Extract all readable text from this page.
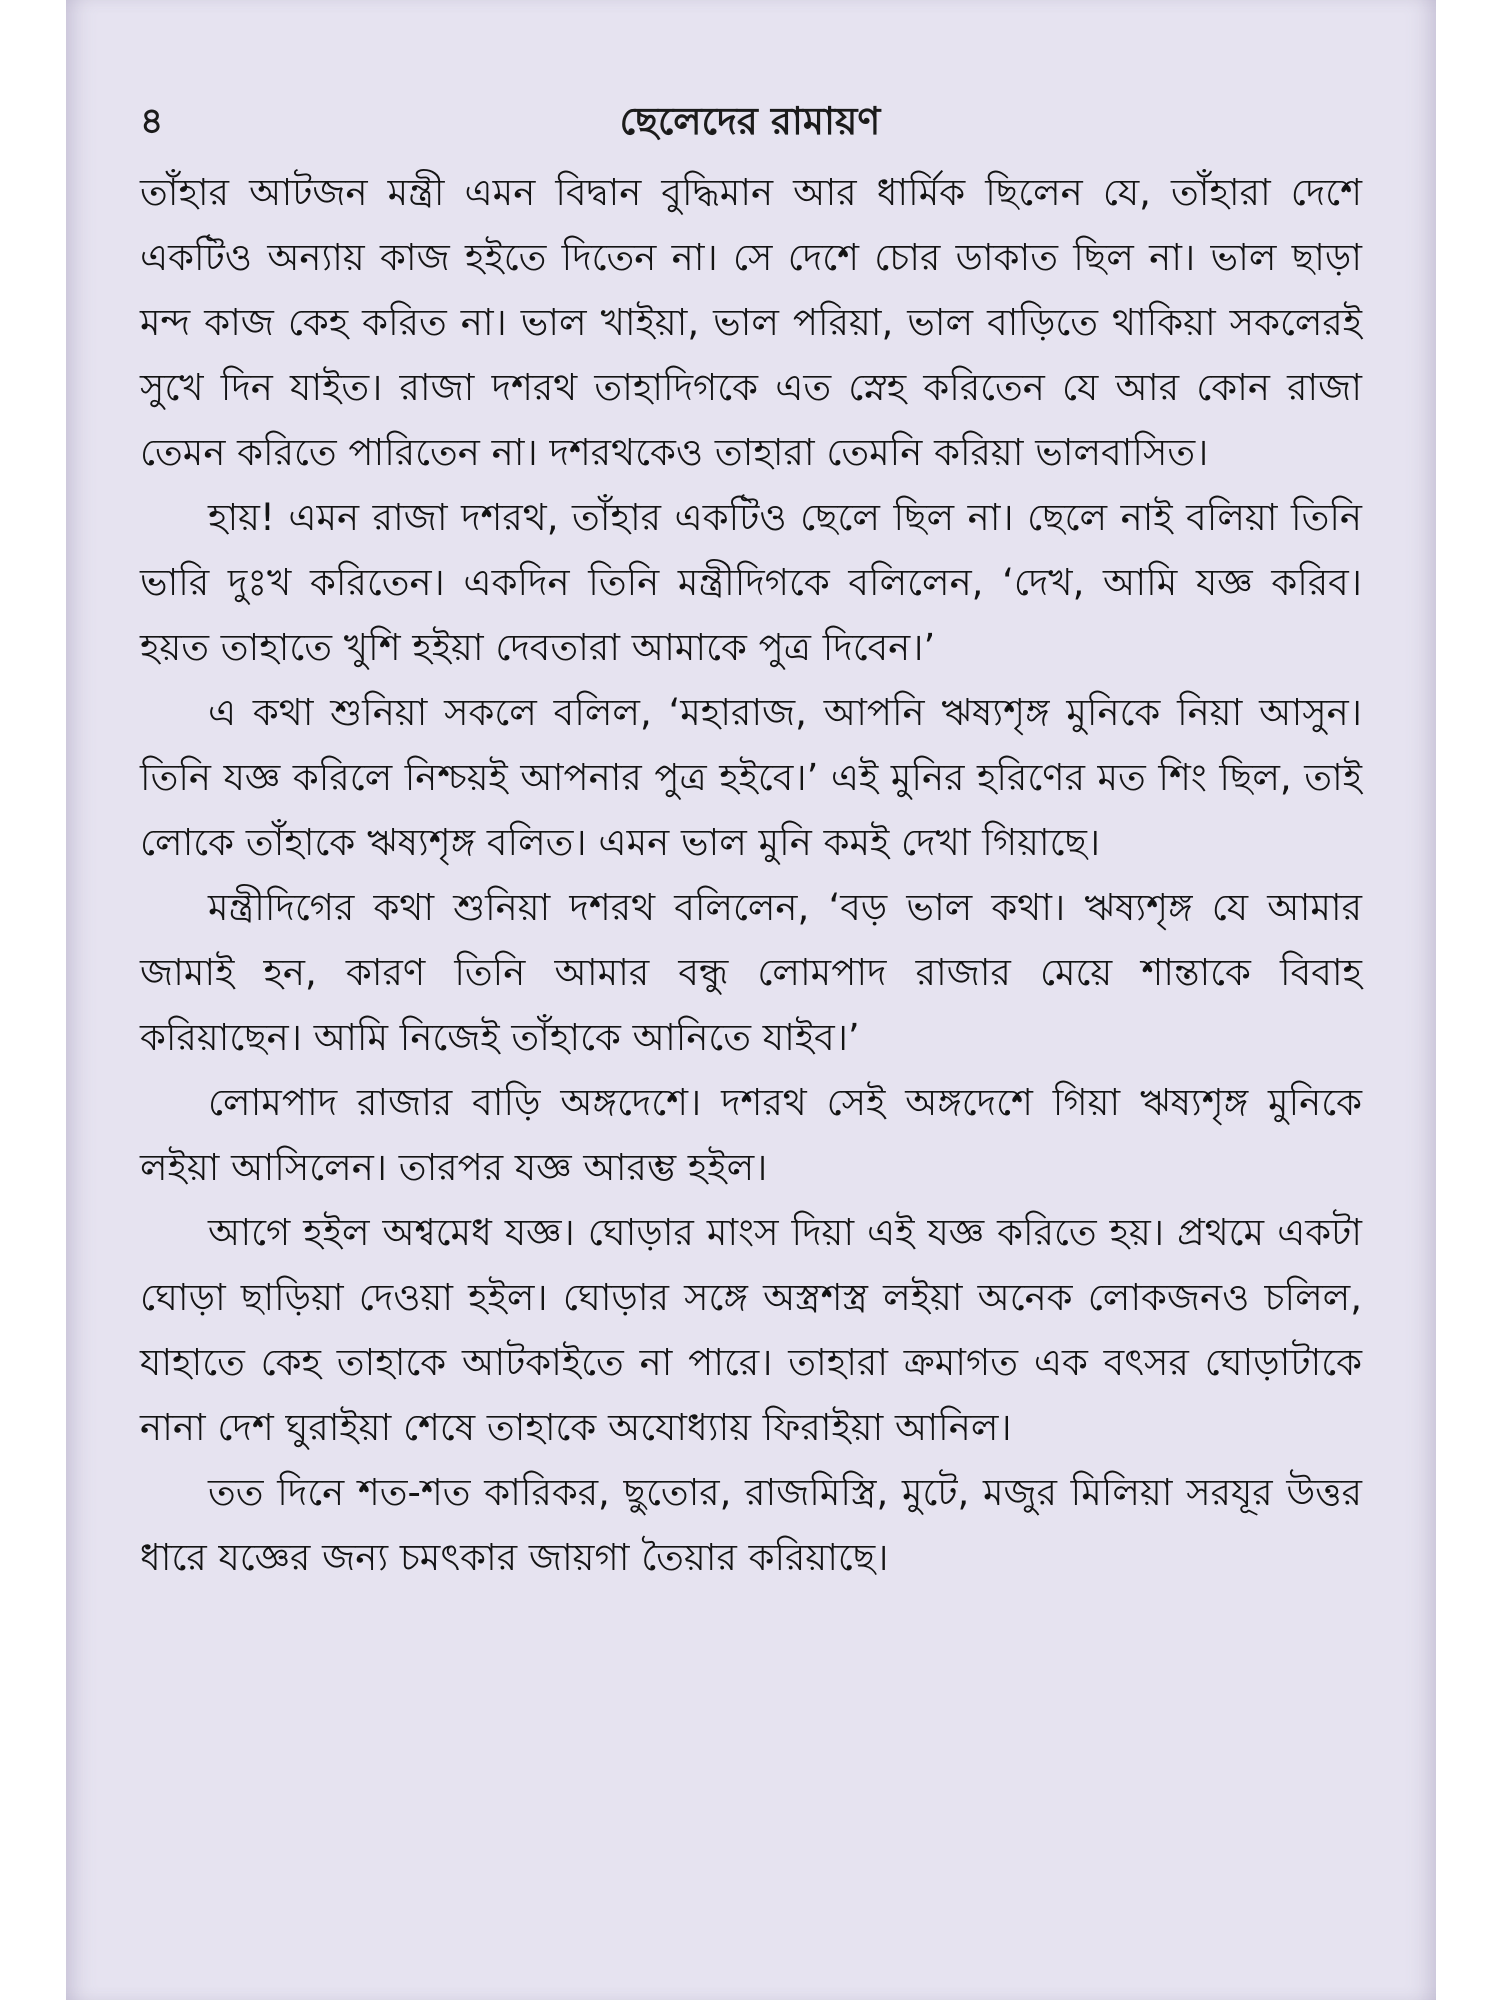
৪	ছেলেদের রামায়ণ

তাঁহার আটজন মন্ত্রী এমন বিদ্বান বুদ্ধিমান আর ধার্মিক ছিলেন যে, তাঁহারা দেশে একটিও অন্যায় কাজ হইতে দিতেন না। সে দেশে চোর ডাকাত ছিল না। ভাল ছাড়া মন্দ কাজ কেহ করিত না। ভাল খাইয়া, ভাল পরিয়া, ভাল বাড়িতে থাকিয়া সকলেরই সুখে দিন যাইত। রাজা দশরথ তাহাদিগকে এত স্নেহ করিতেন যে আর কোন রাজা তেমন করিতে পারিতেন না। দশরথকেও তাহারা তেমনি করিয়া ভালবাসিত।

হায়! এমন রাজা দশরথ, তাঁহার একটিও ছেলে ছিল না। ছেলে নাই বলিয়া তিনি ভারি দুঃখ করিতেন। একদিন তিনি মন্ত্রীদিগকে বলিলেন, ‘দেখ, আমি যজ্ঞ করিব। হয়ত তাহাতে খুশি হইয়া দেবতারা আমাকে পুত্র দিবেন।’

এ কথা শুনিয়া সকলে বলিল, ‘মহারাজ, আপনি ঋষ্যশৃঙ্গ মুনিকে নিয়া আসুন। তিনি যজ্ঞ করিলে নিশ্চয়ই আপনার পুত্র হইবে।’ এই মুনির হরিণের মত শিং ছিল, তাই লোকে তাঁহাকে ঋষ্যশৃঙ্গ বলিত। এমন ভাল মুনি কমই দেখা গিয়াছে।

মন্ত্রীদিগের কথা শুনিয়া দশরথ বলিলেন, ‘বড় ভাল কথা। ঋষ্যশৃঙ্গ যে আমার জামাই হন, কারণ তিনি আমার বন্ধু লোমপাদ রাজার মেয়ে শান্তাকে বিবাহ করিয়াছেন। আমি নিজেই তাঁহাকে আনিতে যাইব।’

লোমপাদ রাজার বাড়ি অঙ্গদেশে। দশরথ সেই অঙ্গদেশে গিয়া ঋষ্যশৃঙ্গ মুনিকে লইয়া আসিলেন। তারপর যজ্ঞ আরম্ভ হইল।

আগে হইল অশ্বমেধ যজ্ঞ। ঘোড়ার মাংস দিয়া এই যজ্ঞ করিতে হয়। প্রথমে একটা ঘোড়া ছাড়িয়া দেওয়া হইল। ঘোড়ার সঙ্গে অস্ত্রশস্ত্র লইয়া অনেক লোকজনও চলিল, যাহাতে কেহ তাহাকে আটকাইতে না পারে। তাহারা ক্রমাগত এক বৎসর ঘোড়াটাকে নানা দেশ ঘুরাইয়া শেষে তাহাকে অযোধ্যায় ফিরাইয়া আনিল।

তত দিনে শত-শত কারিকর, ছুতোর, রাজমিস্ত্রি, মুটে, মজুর মিলিয়া সরযূর উত্তর ধারে যজ্ঞের জন্য চমৎকার জায়গা তৈয়ার করিয়াছে।
